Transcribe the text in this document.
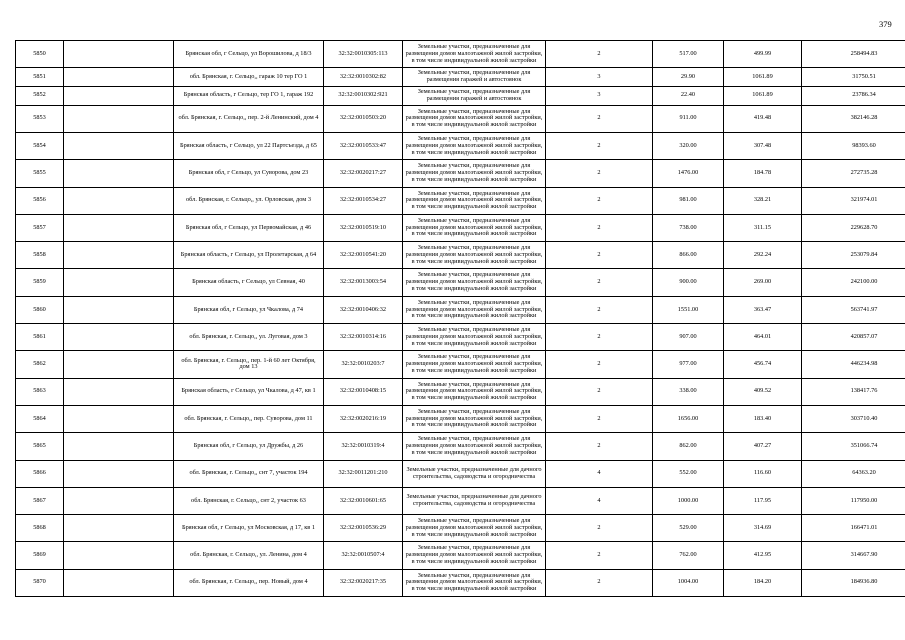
379
5850		Брянская обл, г Сельцо, ул Ворошилова, д 18/3	32:32:0010305:113	Земельные участки, предназначенные для размещения домов малоэтажной жилой застройки, в том числе индивидуальной жилой застройки	2	517.00	499.99	258494.83
5851		обл. Брянская, г. Сельцо,, гараж 10 тер ГО 1	32:32:0010302:82	Земельные участки, предназначенные для размещения гаражей и автостоянок	3	29.90	1061.89	31750.51
5852		Брянская область, г Сельцо, тер ГО 1, гараж 192	32:32:0010302:921	Земельные участки, предназначенные для размещения гаражей и автостоянок	3	22.40	1061.89	23786.34
5853		обл. Брянская, г. Сельцо,, пер. 2-й Ленинский, дом 4	32:32:0010503:20	Земельные участки, предназначенные для размещения домов малоэтажной жилой застройки, в том числе индивидуальной жилой застройки	2	911.00	419.48	382146.28
5854		Брянская область, г Сельцо, ул 22 Партсъезда, д 65	32:32:0010533:47	Земельные участки, предназначенные для размещения домов малоэтажной жилой застройки, в том числе индивидуальной жилой застройки	2	320.00	307.48	98393.60
5855		Брянская обл, г Сельцо, ул Суворова, дом 23	32:32:0020217:27	Земельные участки, предназначенные для размещения домов малоэтажной жилой застройки, в том числе индивидуальной жилой застройки	2	1476.00	184.78	272735.28
5856		обл. Брянская, г. Сельцо,, ул. Орловская, дом 3	32:32:0010534:27	Земельные участки, предназначенные для размещения домов малоэтажной жилой застройки, в том числе индивидуальной жилой застройки	2	981.00	328.21	321974.01
5857		Брянская обл, г Сельцо, ул Первомайская, д 46	32:32:0010519:10	Земельные участки, предназначенные для размещения домов малоэтажной жилой застройки, в том числе индивидуальной жилой застройки	2	738.00	311.15	229628.70
5858		Брянская область, г Сельцо, ул Пролетарская, д 64	32:32:0010541:20	Земельные участки, предназначенные для размещения домов малоэтажной жилой застройки, в том числе индивидуальной жилой застройки	2	866.00	292.24	253079.84
5859		Брянская область, г Сельцо, ул Севная, 40	32:32:0013003:54	Земельные участки, предназначенные для размещения домов малоэтажной жилой застройки, в том числе индивидуальной жилой застройки	2	900.00	269.00	242100.00
5860		Брянская обл, г Сельцо, ул Чкалова, д 74	32:32:0010406:32	Земельные участки, предназначенные для размещения домов малоэтажной жилой застройки, в том числе индивидуальной жилой застройки	2	1551.00	363.47	563741.97
5861		обл. Брянская, г. Сельцо,, ул. Луговая, дом 3	32:32:0010314:16	Земельные участки, предназначенные для размещения домов малоэтажной жилой застройки, в том числе индивидуальной жилой застройки	2	907.00	464.01	420857.07
5862		обл. Брянская, г. Сельцо,, пер. 1-й 60 лет Октября, дом 13	32:32:0010203:7	Земельные участки, предназначенные для размещения домов малоэтажной жилой застройки, в том числе индивидуальной жилой застройки	2	977.00	456.74	446234.98
5863		Брянская область, г Сельцо, ул Чкалова, д 47, кв 1	32:32:0010408:15	Земельные участки, предназначенные для размещения домов малоэтажной жилой застройки, в том числе индивидуальной жилой застройки	2	338.00	409.52	138417.76
5864		обл. Брянская, г. Сельцо,, пер. Суворова, дом 11	32:32:0020216:19	Земельные участки, предназначенные для размещения домов малоэтажной жилой застройки, в том числе индивидуальной жилой застройки	2	1656.00	183.40	303710.40
5865		Брянская обл, г Сельцо, ул Дружбы, д 26	32:32:0010319:4	Земельные участки, предназначенные для размещения домов малоэтажной жилой застройки, в том числе индивидуальной жилой застройки	2	862.00	407.27	351066.74
5866		обл. Брянская, г. Сельцо,, снт 7, участок 194	32:32:0011201:210	Земельные участки, предназначенные для дачного строительства, садоводства и огородничества	4	552.00	116.60	64363.20
5867		обл. Брянская, г. Сельцо,, снт 2, участок 63	32:32:0010601:65	Земельные участки, предназначенные для дачного строительства, садоводства и огородничества	4	1000.00	117.95	117950.00
5868		Брянская обл, г Сельцо, ул Московская, д 17, кв 1	32:32:0010536:29	Земельные участки, предназначенные для размещения домов малоэтажной жилой застройки, в том числе индивидуальной жилой застройки	2	529.00	314.69	166471.01
5869		обл. Брянская, г. Сельцо,, ул. Ленина, дом 4	32:32:0010507:4	Земельные участки, предназначенные для размещения домов малоэтажной жилой застройки, в том числе индивидуальной жилой застройки	2	762.00	412.95	314667.90
5870		обл. Брянская, г. Сельцо,, пер. Новый, дом 4	32:32:0020217:35	Земельные участки, предназначенные для размещения домов малоэтажной жилой застройки, в том числе индивидуальной жилой застройки	2	1004.00	184.20	184936.80
